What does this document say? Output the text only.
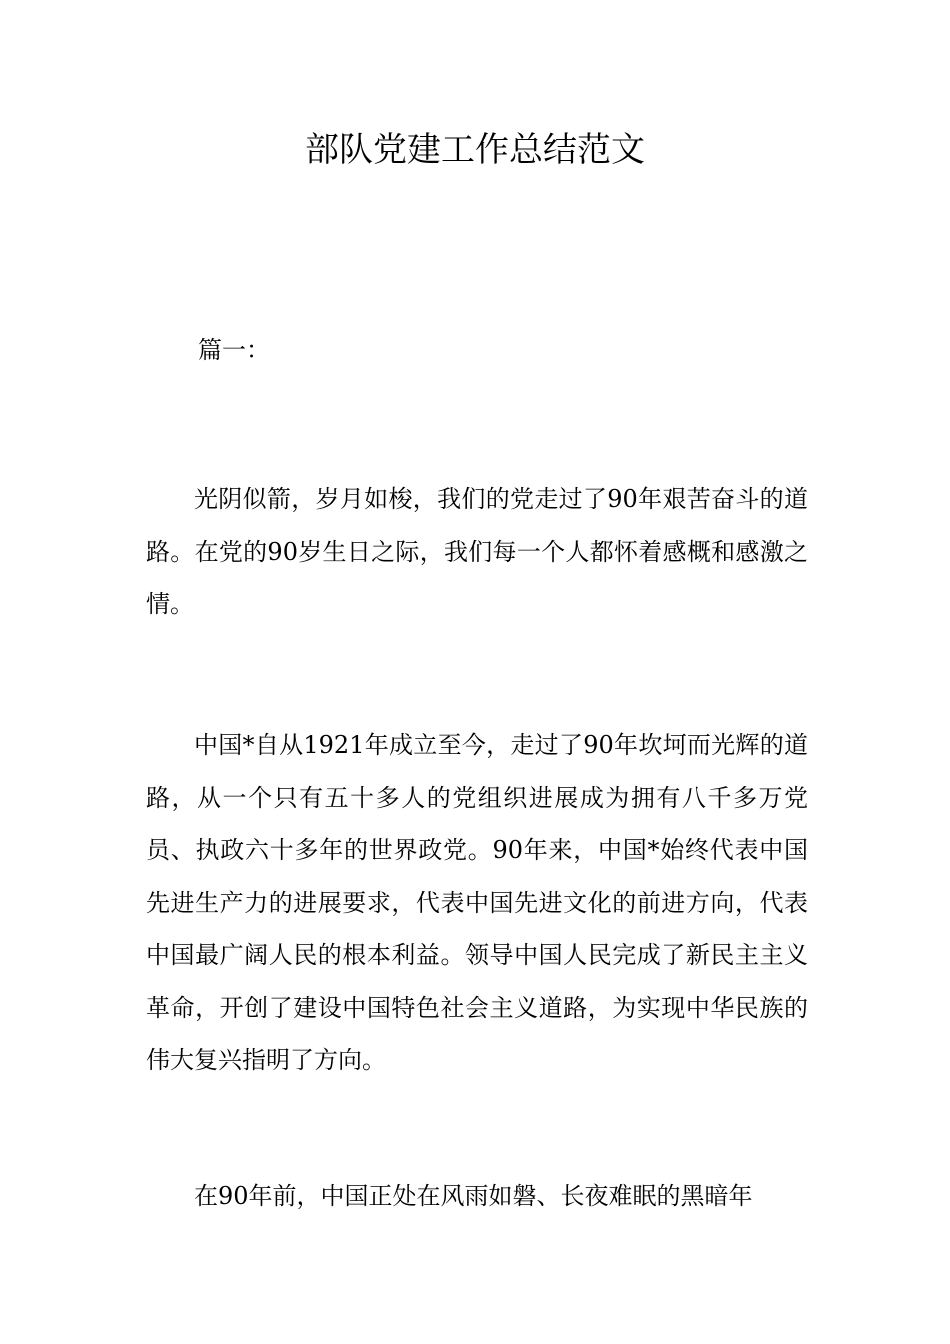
部队党建工作总结范文

篇一：

光阴似箭，岁月如梭，我们的党走过了90年艰苦奋斗的道路。在党的90岁生日之际，我们每一个人都怀着感概和感激之情。

中国*自从1921年成立至今，走过了90年坎坷而光辉的道路，从一个只有五十多人的党组织进展成为拥有八千多万党员、执政六十多年的世界政党。90年来，中国*始终代表中国先进生产力的进展要求，代表中国先进文化的前进方向，代表中国最广阔人民的根本利益。领导中国人民完成了新民主主义革命，开创了建设中国特色社会主义道路，为实现中华民族的伟大复兴指明了方向。

在90年前，中国正处在风雨如磐、长夜难眠的黑暗年
